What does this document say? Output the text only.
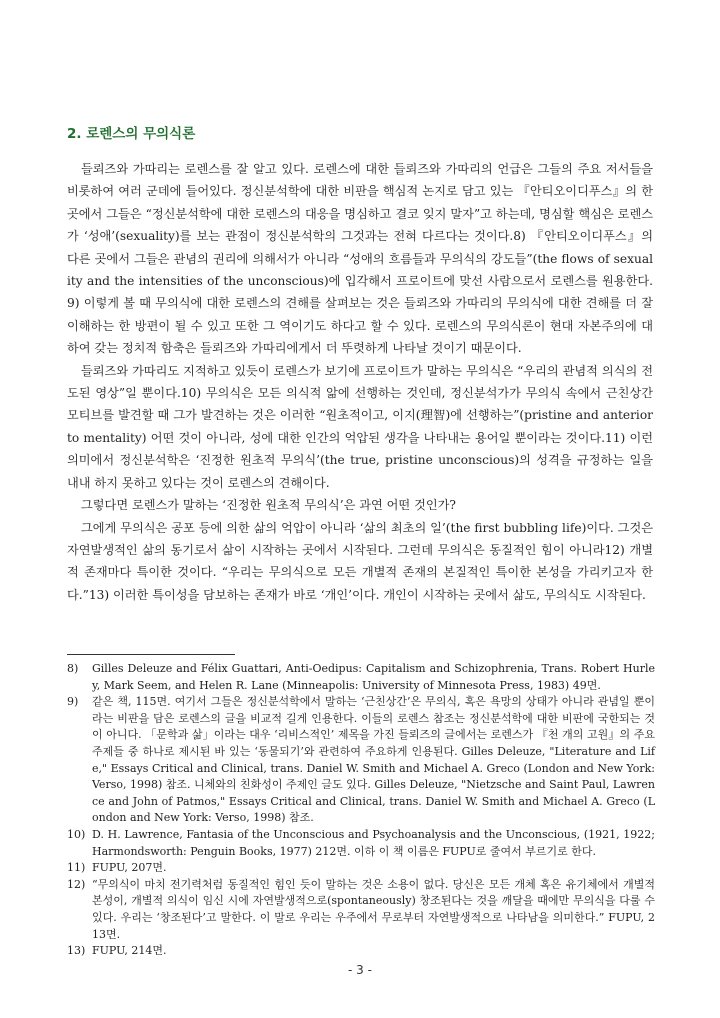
2. 로렌스의 무의식론

들뢰즈와 가따리는 로렌스를 잘 알고 있다. 로렌스에 대한 들뢰즈와 가따리의 언급은 그들의 주요 저서들을 비롯하여 여러 군데에 들어있다. 정신분석학에 대한 비판을 핵심적 논지로 담고 있는 『안티오이디푸스』의 한 곳에서 그들은 “정신분석학에 대한 로렌스의 대응을 명심하고 결코 잊지 말자”고 하는데, 명심할 핵심은 로렌스가 ‘성애’(sexuality)를 보는 관점이 정신분석학의 그것과는 전혀 다르다는 것이다.8) 『안티오이디푸스』의 다른 곳에서 그들은 관념의 권리에 의해서가 아니라 “성애의 흐름들과 무의식의 강도들”(the flows of sexuality and the intensities of the unconscious)에 입각해서 프로이트에 맞선 사람으로서 로렌스를 원용한다.9) 이렇게 볼 때 무의식에 대한 로렌스의 견해를 살펴보는 것은 들뢰즈와 가따리의 무의식에 대한 견해를 더 잘 이해하는 한 방편이 될 수 있고 또한 그 역이기도 하다고 할 수 있다. 로렌스의 무의식론이 현대 자본주의에 대하여 갖는 정치적 함축은 들뢰즈와 가따리에게서 더 뚜렷하게 나타날 것이기 때문이다.

들뢰즈와 가따리도 지적하고 있듯이 로렌스가 보기에 프로이트가 말하는 무의식은 “우리의 관념적 의식의 전도된 영상”일 뿐이다.10) 무의식은 모든 의식적 앎에 선행하는 것인데, 정신분석가가 무의식 속에서 근친상간 모티브를 발견할 때 그가 발견하는 것은 이러한 “원초적이고, 이지(理智)에 선행하는”(pristine and anterior to mentality) 어떤 것이 아니라, 성에 대한 인간의 억압된 생각을 나타내는 용어일 뿐이라는 것이다.11) 이런 의미에서 정신분석학은 ‘진정한 원초적 무의식’(the true, pristine unconscious)의 성격을 규정하는 일을 내내 하지 못하고 있다는 것이 로렌스의 견해이다.

그렇다면 로렌스가 말하는 ‘진정한 원초적 무의식’은 과연 어떤 것인가?

그에게 무의식은 공포 등에 의한 삶의 억압이 아니라 ‘삶의 최초의 일’(the first bubbling life)이다. 그것은 자연발생적인 삶의 동기로서 삶이 시작하는 곳에서 시작된다. 그런데 무의식은 동질적인 힘이 아니라12) 개별적 존재마다 특이한 것이다. “우리는 무의식으로 모든 개별적 존재의 본질적인 특이한 본성을 가리키고자 한다.”13) 이러한 특이성을 담보하는 존재가 바로 ‘개인’이다. 개인이 시작하는 곳에서 삶도, 무의식도 시작된다.

8) Gilles Deleuze and Félix Guattari, Anti-Oedipus: Capitalism and Schizophrenia, Trans. Robert Hurley, Mark Seem, and Helen R. Lane (Minneapolis: University of Minnesota Press, 1983) 49면.

9) 같은 책, 115면. 여기서 그들은 정신분석학에서 말하는 ‘근친상간’은 무의식, 혹은 욕망의 상태가 아니라 관념일 뿐이라는 비판을 담은 로렌스의 글을 비교적 길게 인용한다. 이들의 로렌스 참조는 정신분석학에 대한 비판에 국한되는 것이 아니다. 「문학과 삶」이라는 대우 ‘리비스적인’ 제목을 가진 들뢰즈의 글에서는 로렌스가 『천 개의 고원』의 주요 주제들 중 하나로 제시된 바 있는 ‘동물되기’와 관련하여 주요하게 인용된다. Gilles Deleuze, "Literature and Life," Essays Critical and Clinical, trans. Daniel W. Smith and Michael A. Greco (London and New York: Verso, 1998) 참조. 니체와의 친화성이 주제인 글도 있다. Gilles Deleuze, "Nietzsche and Saint Paul, Lawrence and John of Patmos," Essays Critical and Clinical, trans. Daniel W. Smith and Michael A. Greco (London and New York: Verso, 1998) 참조.

10) D. H. Lawrence, Fantasia of the Unconscious and Psychoanalysis and the Unconscious, (1921, 1922; Harmondsworth: Penguin Books, 1977) 212면. 이하 이 책 이름은 FUPU로 줄여서 부르기로 한다.

11) FUPU, 207면.

12) “무의식이 마치 전기력처럼 동질적인 힘인 듯이 말하는 것은 소용이 없다. 당신은 모든 개체 혹은 유기체에서 개별적 본성이, 개별적 의식이 임신 시에 자연발생적으로(spontaneously) 창조된다는 것을 깨달을 때에만 무의식을 다룰 수 있다. 우리는 ‘창조된다’고 말한다. 이 말로 우리는 우주에서 무로부터 자연발생적으로 나타남을 의미한다.” FUPU, 213면.

13) FUPU, 214면.

- 3 -
